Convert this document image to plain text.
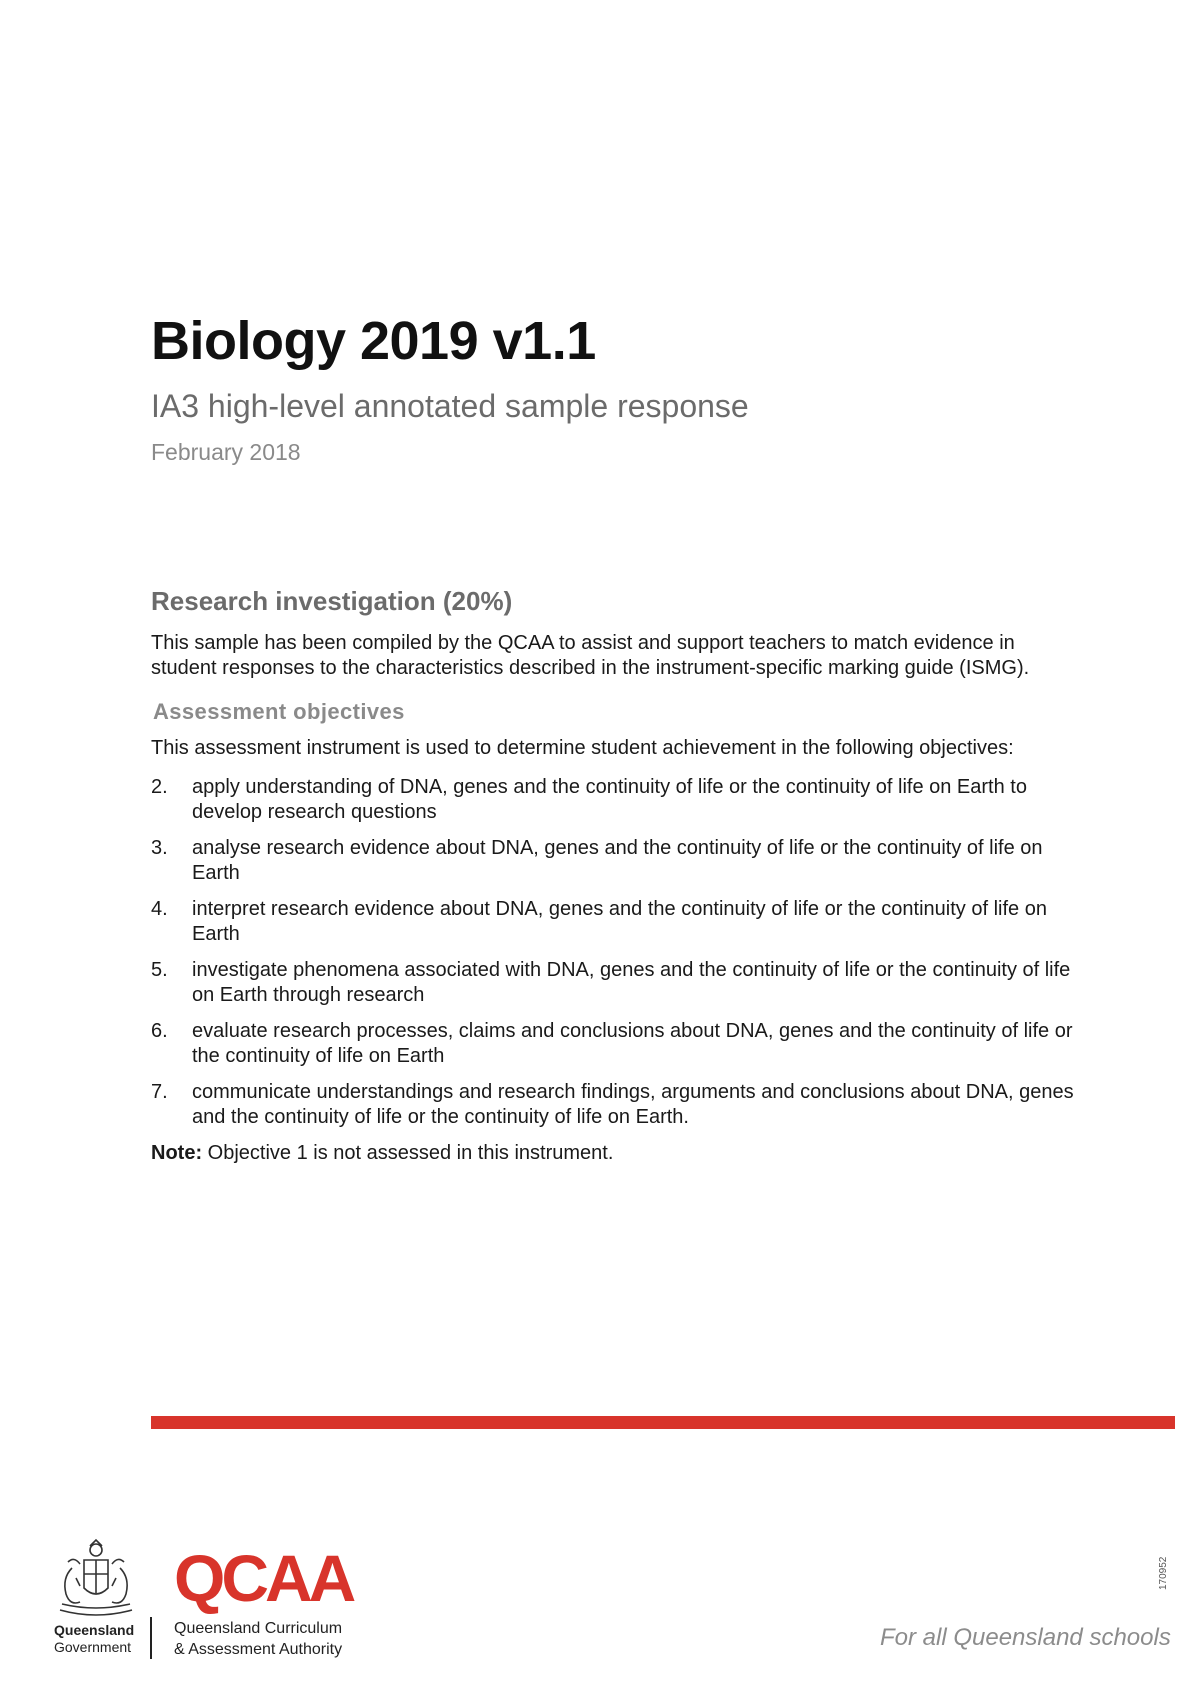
Biology 2019 v1.1
IA3 high-level annotated sample response
February 2018
Research investigation (20%)

This sample has been compiled by the QCAA to assist and support teachers to match evidence in student responses to the characteristics described in the instrument-specific marking guide (ISMG).

Assessment objectives

This assessment instrument is used to determine student achievement in the following objectives:

2.	apply understanding of DNA, genes and the continuity of life or the continuity of life on Earth to develop research questions
3.	analyse research evidence about DNA, genes and the continuity of life or the continuity of life on Earth
4.	interpret research evidence about DNA, genes and the continuity of life or the continuity of life on Earth
5.	investigate phenomena associated with DNA, genes and the continuity of life or the continuity of life on Earth through research
6.	evaluate research processes, claims and conclusions about DNA, genes and the continuity of life or the continuity of life on Earth
7.	communicate understandings and research findings, arguments and conclusions about DNA, genes and the continuity of life or the continuity of life on Earth.

Note: Objective 1 is not assessed in this instrument.

Queensland
Government
QCAA
Queensland Curriculum
& Assessment Authority	For all Queensland schools
170952
